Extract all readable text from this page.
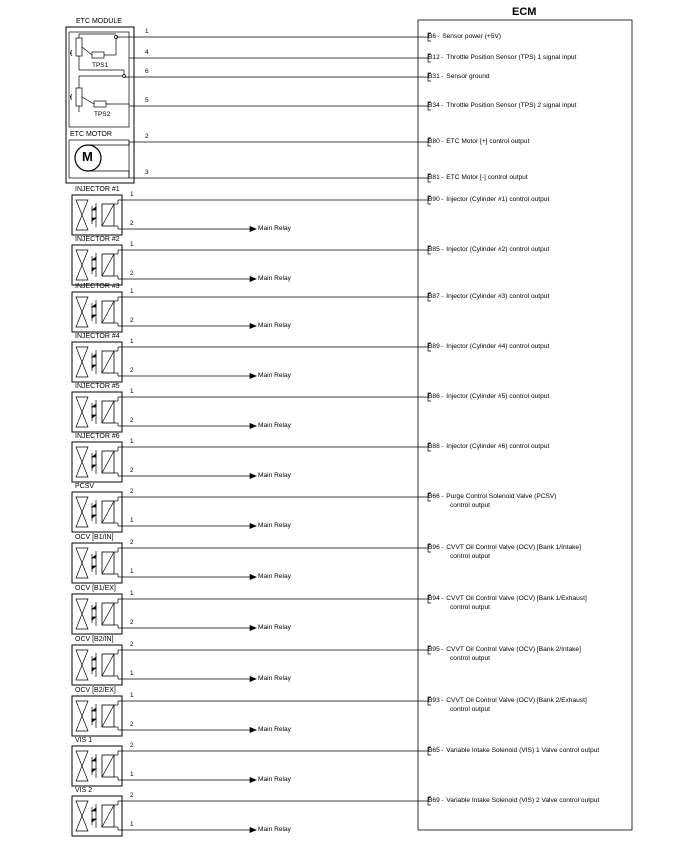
ECM
ETC MODULE
TPS1
TPS2
ETC MOTOR
M
1
B6 - Sensor power (+5V)
4
B12 - Throttle Position Sensor (TPS) 1 signal input
6
B31 - Sensor ground
5
B34 - Throttle Position Sensor (TPS) 2 signal input
2
B80 - ETC Motor [+] control output
3
B81 - ETC Motor [-] control output
INJECTOR #1
1
2
Main Relay
B90 - Injector (Cylinder #1) control output
INJECTOR #2
1
2
Main Relay
B85 - Injector (Cylinder #2) control output
INJECTOR #3
1
2
Main Relay
B87 - Injector (Cylinder #3) control output
INJECTOR #4
1
2
Main Relay
B89 - Injector (Cylinder #4) control output
INJECTOR #5
1
2
Main Relay
B86 - Injector (Cylinder #5) control output
INJECTOR #6
1
2
Main Relay
B88 - Injector (Cylinder #6) control output
PCSV
2
1
Main Relay
B66 - Purge Control Solenoid Valve (PCSV)
control output
OCV [B1/IN]
2
1
Main Relay
B96 - CVVT Oil Control Valve (OCV) [Bank 1/Intake]
control output
OCV [B1/EX]
1
2
Main Relay
B94 - CVVT Oil Control Valve (OCV) [Bank 1/Exhaust]
control output
OCV [B2/IN]
2
1
Main Relay
B95 - CVVT Oil Control Valve (OCV) [Bank 2/Intake]
control output
OCV [B2/EX]
1
2
Main Relay
B93 - CVVT Oil Control Valve (OCV) [Bank 2/Exhaust]
control output
VIS 1
2
1
Main Relay
B65 - Variable Intake Solenoid (VIS) 1 Valve control output
VIS 2
2
1
Main Relay
B69 - Variable Intake Solenoid (VIS) 2 Valve control output
